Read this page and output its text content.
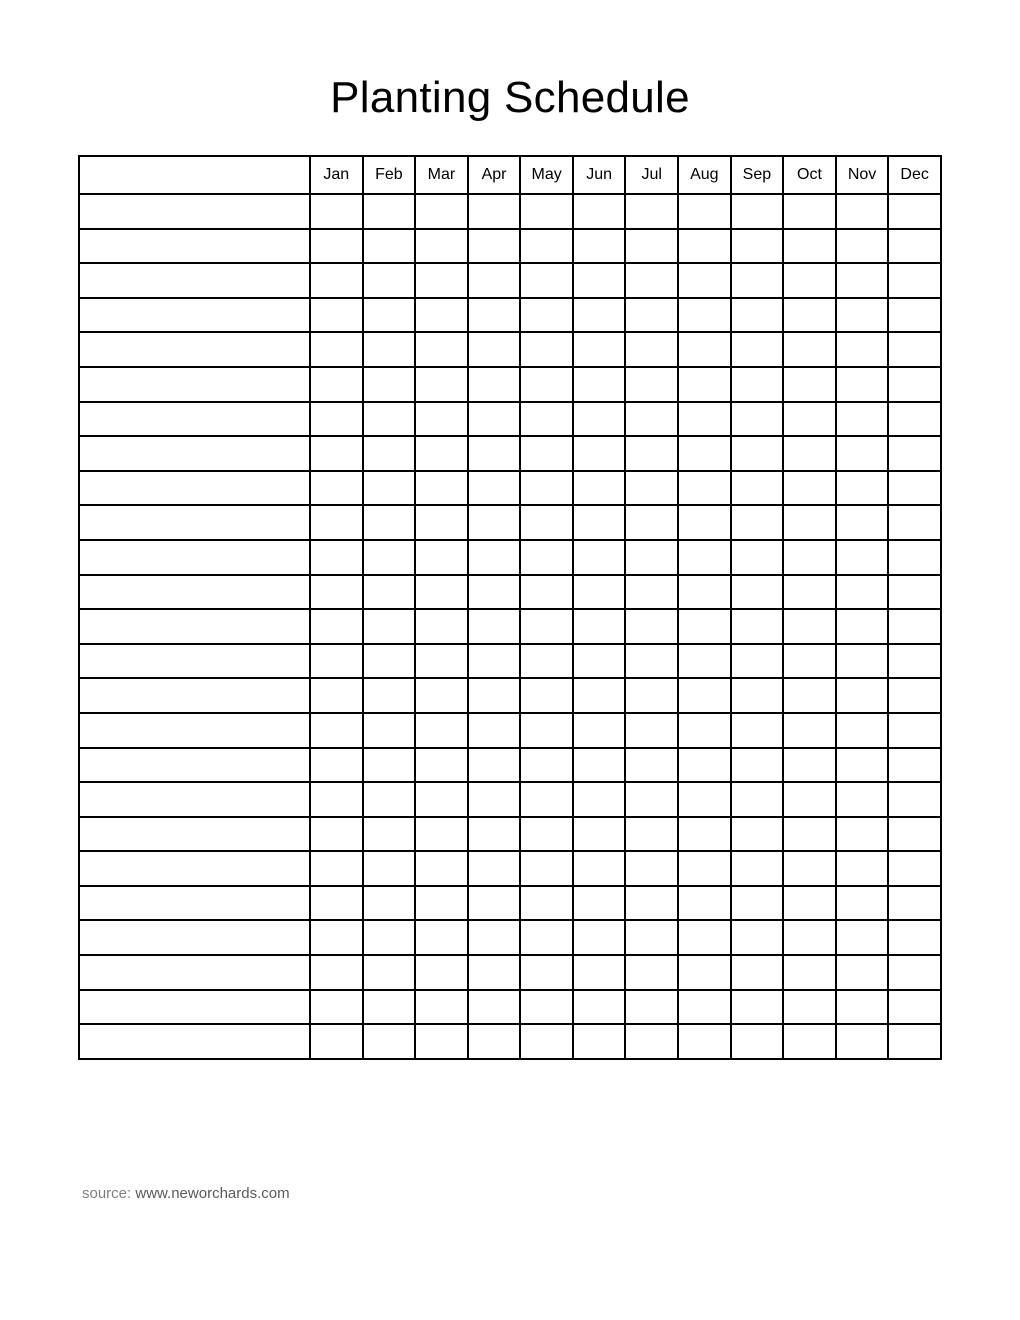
Planting Schedule
	Jan	Feb	Mar	Apr	May	Jun	Jul	Aug	Sep	Oct	Nov	Dec

source: www.neworchards.com
